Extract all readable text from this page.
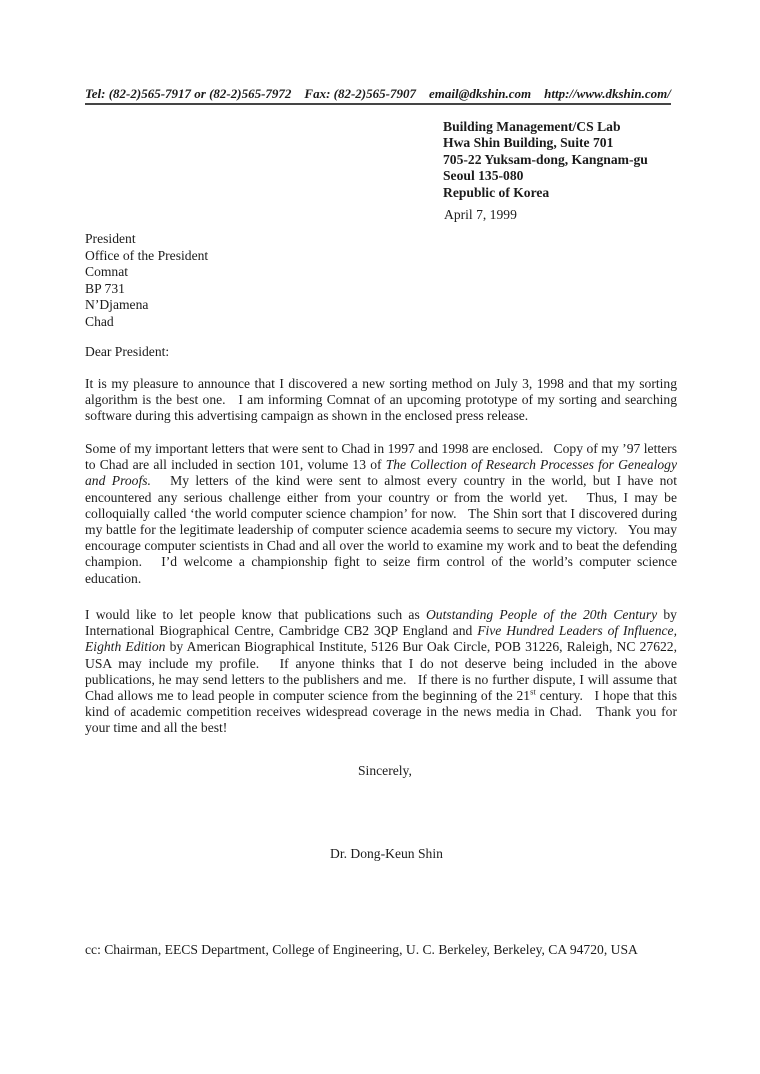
Tel: (82-2)565-7917 or (82-2)565-7972    Fax: (82-2)565-7907    email@dkshin.com    http://www.dkshin.com/
Building Management/CS Lab
Hwa Shin Building, Suite 701
705-22 Yuksam-dong, Kangnam-gu
Seoul 135-080
Republic of Korea
April 7, 1999
President
Office of the President
Comnat
BP 731
N’Djamena
Chad
Dear President:
It is my pleasure to announce that I discovered a new sorting method on July 3, 1998 and that my sorting algorithm is the best one.   I am informing Comnat of an upcoming prototype of my sorting and searching software during this advertising campaign as shown in the enclosed press release.
Some of my important letters that were sent to Chad in 1997 and 1998 are enclosed.   Copy of my ’97 letters to Chad are all included in section 101, volume 13 of The Collection of Research Processes for Genealogy and Proofs.   My letters of the kind were sent to almost every country in the world, but I have not encountered any serious challenge either from your country or from the world yet.   Thus, I may be colloquially called ‘the world computer science champion’ for now.   The Shin sort that I discovered during my battle for the legitimate leadership of computer science academia seems to secure my victory.   You may encourage computer scientists in Chad and all over the world to examine my work and to beat the defending champion.   I’d welcome a championship fight to seize firm control of the world’s computer science education.
I would like to let people know that publications such as Outstanding People of the 20th Century by International Biographical Centre, Cambridge CB2 3QP England and Five Hundred Leaders of Influence, Eighth Edition by American Biographical Institute, 5126 Bur Oak Circle, POB 31226, Raleigh, NC 27622, USA may include my profile.   If anyone thinks that I do not deserve being included in the above publications, he may send letters to the publishers and me.   If there is no further dispute, I will assume that Chad allows me to lead people in computer science from the beginning of the 21st century.   I hope that this kind of academic competition receives widespread coverage in the news media in Chad.   Thank you for your time and all the best!
Sincerely,
Dr. Dong-Keun Shin
cc: Chairman, EECS Department, College of Engineering, U. C. Berkeley, Berkeley, CA 94720, USA
